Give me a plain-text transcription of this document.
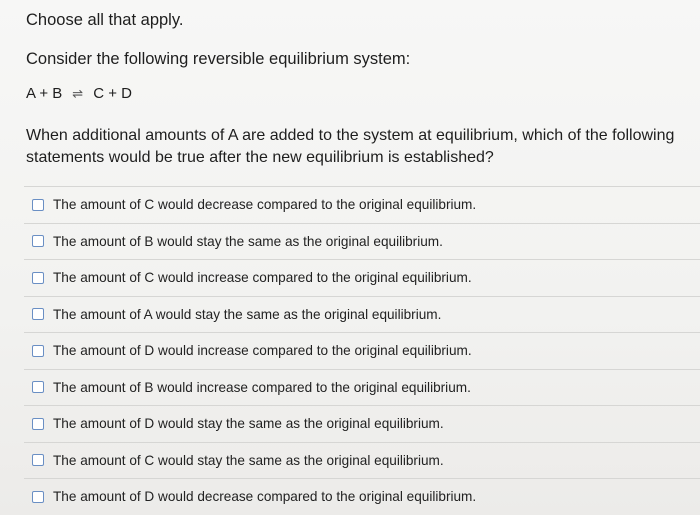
Choose all that apply.
Consider the following reversible equilibrium system:
A + B ⇌ C + D
When additional amounts of A are added to the system at equilibrium, which of the following statements would be true after the new equilibrium is established?
The amount of C would decrease compared to the original equilibrium.
The amount of B would stay the same as the original equilibrium.
The amount of C would increase compared to the original equilibrium.
The amount of A would stay the same as the original equilibrium.
The amount of D would increase compared to the original equilibrium.
The amount of B would increase compared to the original equilibrium.
The amount of D would stay the same as the original equilibrium.
The amount of C would stay the same as the original equilibrium.
The amount of D would decrease compared to the original equilibrium.
